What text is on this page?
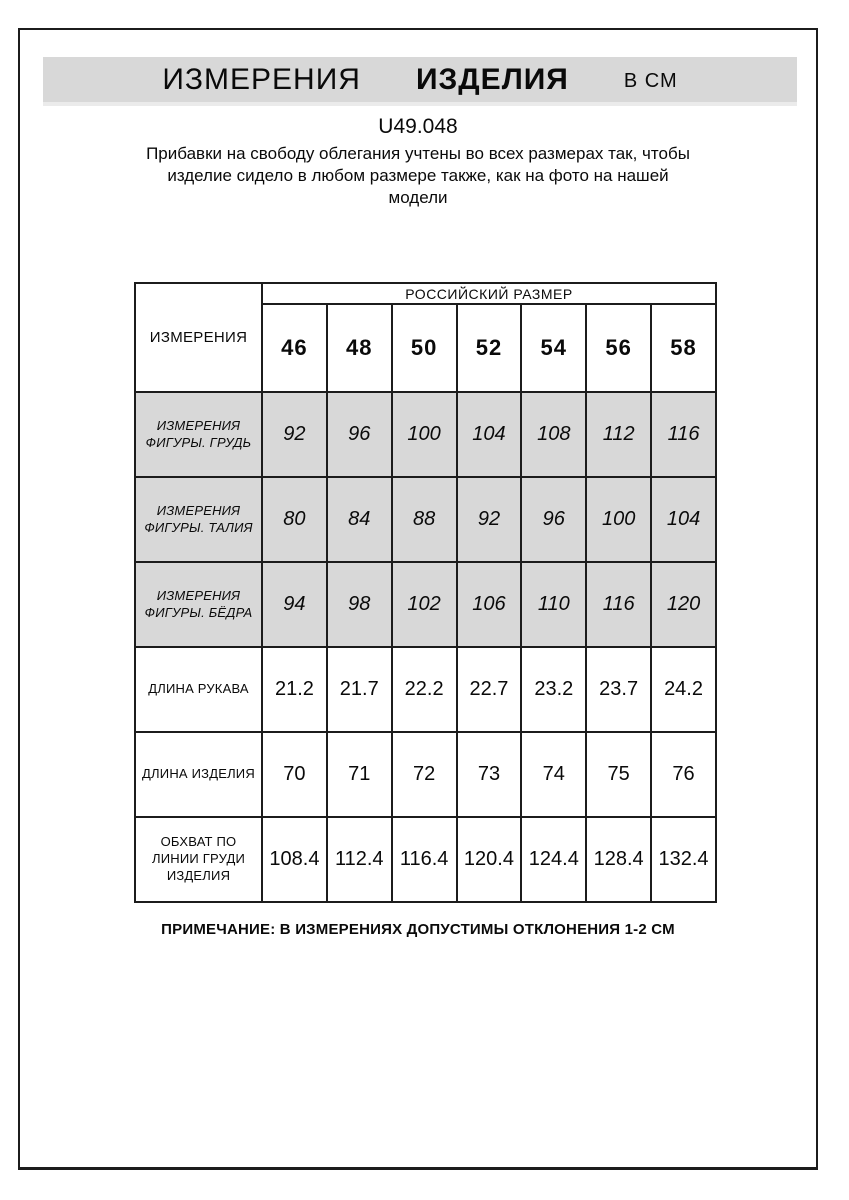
ИЗМЕРЕНИЯ ИЗДЕЛИЯ	В СМ
U49.048
Прибавки на свободу облегания учтены во всех размерах так, чтобы изделие сидело в любом размере также, как на фото на нашей модели
ИЗМЕРЕНИЯ	РОССИЙСКИЙ РАЗМЕР						
	46	48	50	52	54	56	58
ИЗМЕРЕНИЯ ФИГУРЫ. ГРУДЬ	92	96	100	104	108	112	116
ИЗМЕРЕНИЯ ФИГУРЫ. ТАЛИЯ	80	84	88	92	96	100	104
ИЗМЕРЕНИЯ ФИГУРЫ. БЁДРА	94	98	102	106	110	116	120
ДЛИНА РУКАВА	21.2	21.7	22.2	22.7	23.2	23.7	24.2
ДЛИНА ИЗДЕЛИЯ	70	71	72	73	74	75	76
ОБХВАТ ПО ЛИНИИ ГРУДИ ИЗДЕЛИЯ	108.4	112.4	116.4	120.4	124.4	128.4	132.4
ПРИМЕЧАНИЕ: В ИЗМЕРЕНИЯХ ДОПУСТИМЫ ОТКЛОНЕНИЯ 1-2 СМ
